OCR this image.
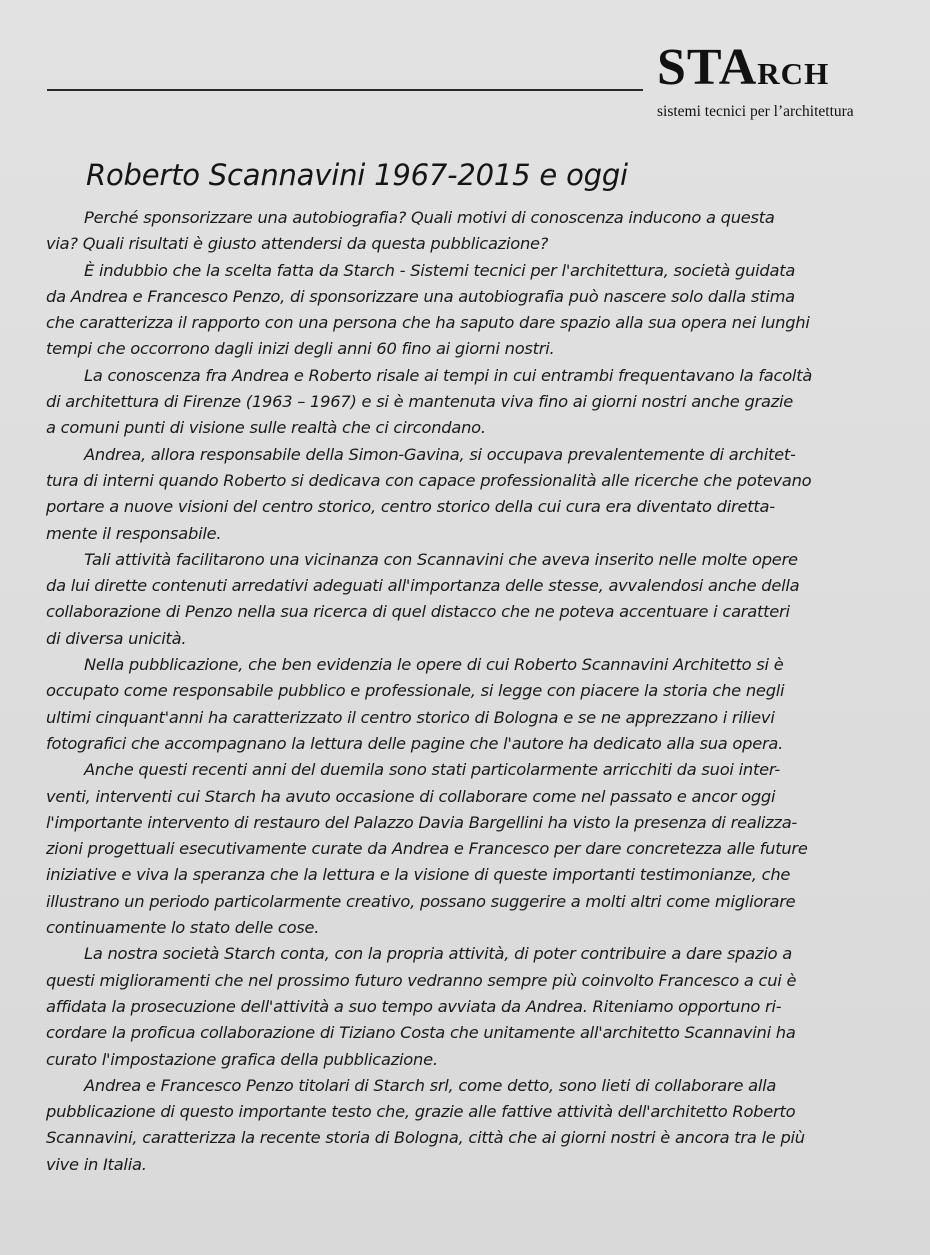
STARCH
sistemi tecnici per l’architettura
Roberto Scannavini 1967-2015 e oggi

Perché sponsorizzare una autobiografia? Quali motivi di conoscenza inducono a questa
via? Quali risultati è giusto attendersi da questa pubblicazione?

È indubbio che la scelta fatta da Starch - Sistemi tecnici per l'architettura, società guidata
da Andrea e Francesco Penzo, di sponsorizzare una autobiografia può nascere solo dalla stima
che caratterizza il rapporto con una persona che ha saputo dare spazio alla sua opera nei lunghi
tempi che occorrono dagli inizi degli anni 60 fino ai giorni nostri.

La conoscenza fra Andrea e Roberto risale ai tempi in cui entrambi frequentavano la facoltà
di architettura di Firenze (1963 – 1967) e si è mantenuta viva fino ai giorni nostri anche grazie
a comuni punti di visione sulle realtà che ci circondano.

Andrea, allora responsabile della Simon-Gavina, si occupava prevalentemente di architet-
tura di interni quando Roberto si dedicava con capace professionalità alle ricerche che potevano
portare a nuove visioni del centro storico, centro storico della cui cura era diventato diretta-
mente il responsabile.

Tali attività facilitarono una vicinanza con Scannavini che aveva inserito nelle molte opere
da lui dirette contenuti arredativi adeguati all'importanza delle stesse, avvalendosi anche della
collaborazione di Penzo nella sua ricerca di quel distacco che ne poteva accentuare i caratteri
di diversa unicità.

Nella pubblicazione, che ben evidenzia le opere di cui Roberto Scannavini Architetto si è
occupato come responsabile pubblico e professionale, si legge con piacere la storia che negli
ultimi cinquant'anni ha caratterizzato il centro storico di Bologna e se ne apprezzano i rilievi
fotografici che accompagnano la lettura delle pagine che l'autore ha dedicato alla sua opera.

Anche questi recenti anni del duemila sono stati particolarmente arricchiti da suoi inter-
venti, interventi cui Starch ha avuto occasione di collaborare come nel passato e ancor oggi
l'importante intervento di restauro del Palazzo Davia Bargellini ha visto la presenza di realizza-
zioni progettuali esecutivamente curate da Andrea e Francesco per dare concretezza alle future
iniziative e viva la speranza che la lettura e la visione di queste importanti testimonianze, che
illustrano un periodo particolarmente creativo, possano suggerire a molti altri come migliorare
continuamente lo stato delle cose.

La nostra società Starch conta, con la propria attività, di poter contribuire a dare spazio a
questi miglioramenti che nel prossimo futuro vedranno sempre più coinvolto Francesco a cui è
affidata la prosecuzione dell'attività a suo tempo avviata da Andrea. Riteniamo opportuno ri-
cordare la proficua collaborazione di Tiziano Costa che unitamente all'architetto Scannavini ha
curato l'impostazione grafica della pubblicazione.

Andrea e Francesco Penzo titolari di Starch srl, come detto, sono lieti di collaborare alla
pubblicazione di questo importante testo che, grazie alle fattive attività dell'architetto Roberto
Scannavini, caratterizza la recente storia di Bologna, città che ai giorni nostri è ancora tra le più
vive in Italia.
